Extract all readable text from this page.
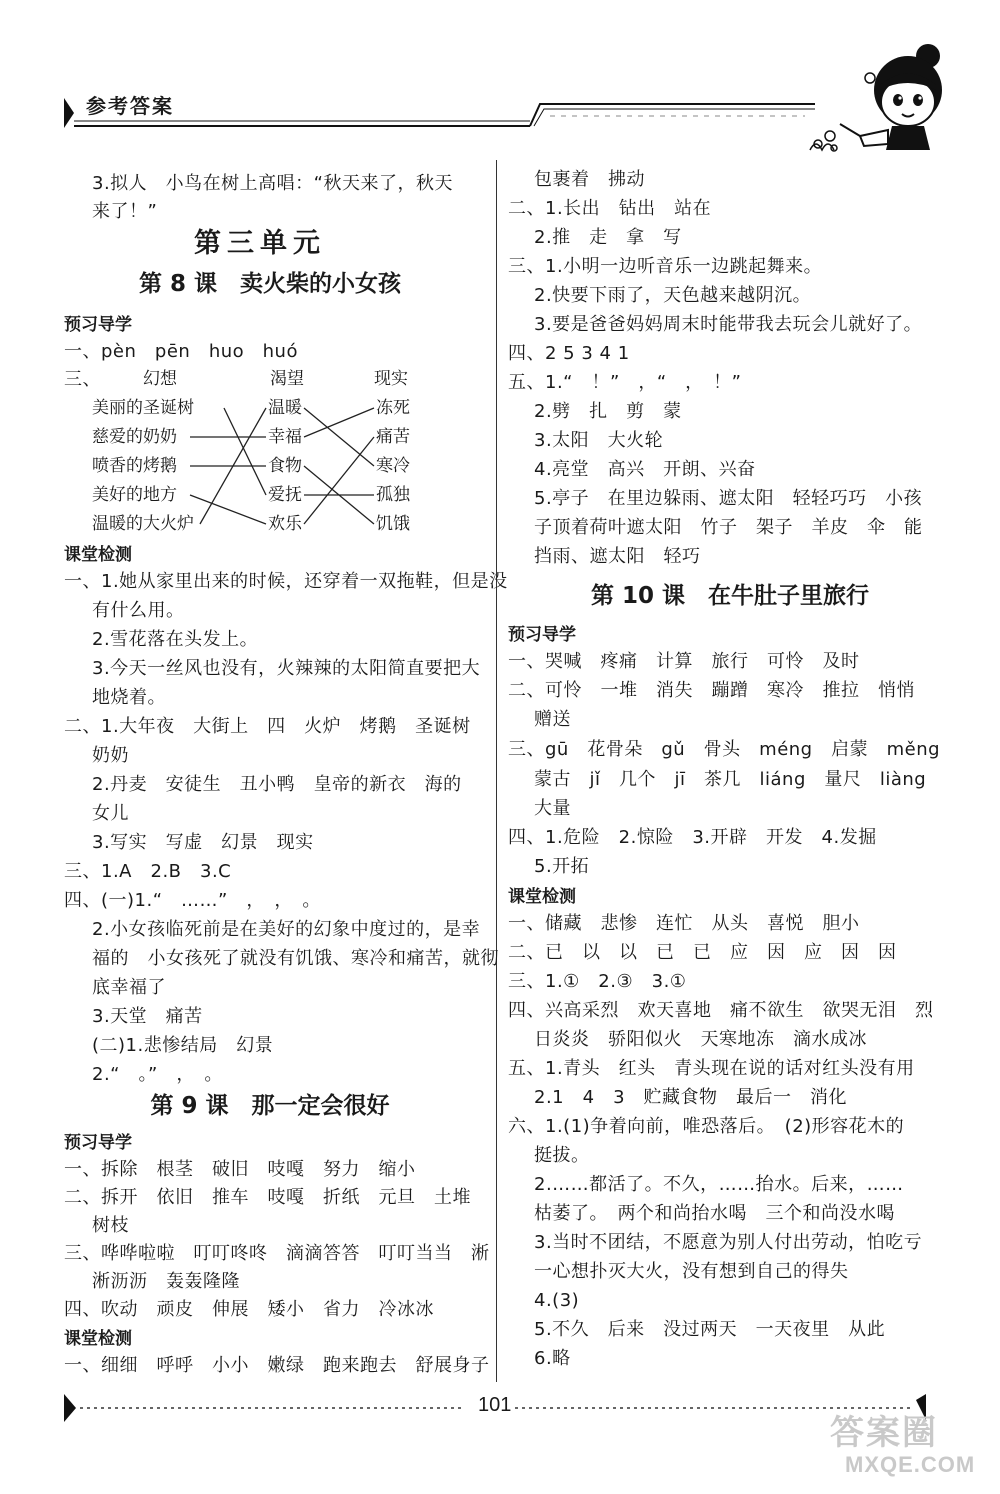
参考答案
3.拟人　小鸟在树上高唱：“秋天来了，秋天
来了！”
第三单元
第 8 课　卖火柴的小女孩
预习导学
一、pèn　pēn　huo　huó
三、 幻想	渴望	现实
美丽的圣诞树
慈爱的奶奶
喷香的烤鹅
美好的地方
温暖的大火炉
温暖
幸福
食物
爱抚
欢乐
冻死
痛苦
寒冷
孤独
饥饿
课堂检测
一、1.她从家里出来的时候，还穿着一双拖鞋，但是没
有什么用。
2.雪花落在头发上。
3.今天一丝风也没有，火辣辣的太阳简直要把大
地烧着。
二、1.大年夜　大街上　四　火炉　烤鹅　圣诞树
奶奶
2.丹麦　安徒生　丑小鸭　皇帝的新衣　海的
女儿
3.写实　写虚　幻景　现实
三、1.A　2.B　3.C
四、(一)1.“　……”　，　，　。
2.小女孩临死前是在美好的幻象中度过的，是幸
福的　小女孩死了就没有饥饿、寒冷和痛苦，就彻
底幸福了
3.天堂　痛苦
(二)1.悲惨结局　幻景
2.“　。”　，　。
第 9 课　那一定会很好
预习导学
一、拆除　根茎　破旧　吱嘎　努力　缩小
二、拆开　依旧　推车　吱嘎　折纸　元旦　土堆
树枝
三、哗哗啦啦　叮叮咚咚　滴滴答答　叮叮当当　淅
淅沥沥　轰轰隆隆
四、吹动　顽皮　伸展　矮小　省力　冷冰冰
课堂检测
一、细细　呼呼　小小　嫩绿　跑来跑去　舒展身子
包裹着　拂动
二、1.长出　钻出　站在
2.推　走　拿　写
三、1.小明一边听音乐一边跳起舞来。
2.快要下雨了，天色越来越阴沉。
3.要是爸爸妈妈周末时能带我去玩会儿就好了。
四、2 5 3 4 1
五、1.“　！”　，“　，　！”
2.劈　扎　剪　蒙
3.太阳　大火轮
4.亮堂　高兴　开朗、兴奋
5.亭子　在里边躲雨、遮太阳　轻轻巧巧　小孩
子顶着荷叶遮太阳　竹子　架子　羊皮　伞　能
挡雨、遮太阳　轻巧
第 10 课　在牛肚子里旅行
预习导学
一、哭喊　疼痛　计算　旅行　可怜　及时
二、可怜　一堆　消失　蹦蹭　寒冷　推拉　悄悄
赠送
三、gū　花骨朵　gǔ　骨头　méng　启蒙　měng
蒙古　jǐ　几个　jī　茶几　liáng　量尺　liàng
大量
四、1.危险　2.惊险　3.开辟　开发　4.发掘
5.开拓
课堂检测
一、储藏　悲惨　连忙　从头　喜悦　胆小
二、已　以　以　已　已　应　因　应　因　因
三、1.①　2.③　3.①
四、兴高采烈　欢天喜地　痛不欲生　欲哭无泪　烈
日炎炎　骄阳似火　天寒地冻　滴水成冰
五、1.青头　红头　青头现在说的话对红头没有用
2.1　4　3　贮藏食物　最后一　消化
六、1.(1)争着向前，唯恐落后。　(2)形容花木的
挺拔。
2.……都活了。不久，……抬水。后来，……
枯萎了。　两个和尚抬水喝　三个和尚没水喝
3.当时不团结，不愿意为别人付出劳动，怕吃亏
一心想扑灭大火，没有想到自己的得失
4.(3)
5.不久　后来　没过两天　一天夜里　从此
6.略
101
答案圈
MXQE.COM
